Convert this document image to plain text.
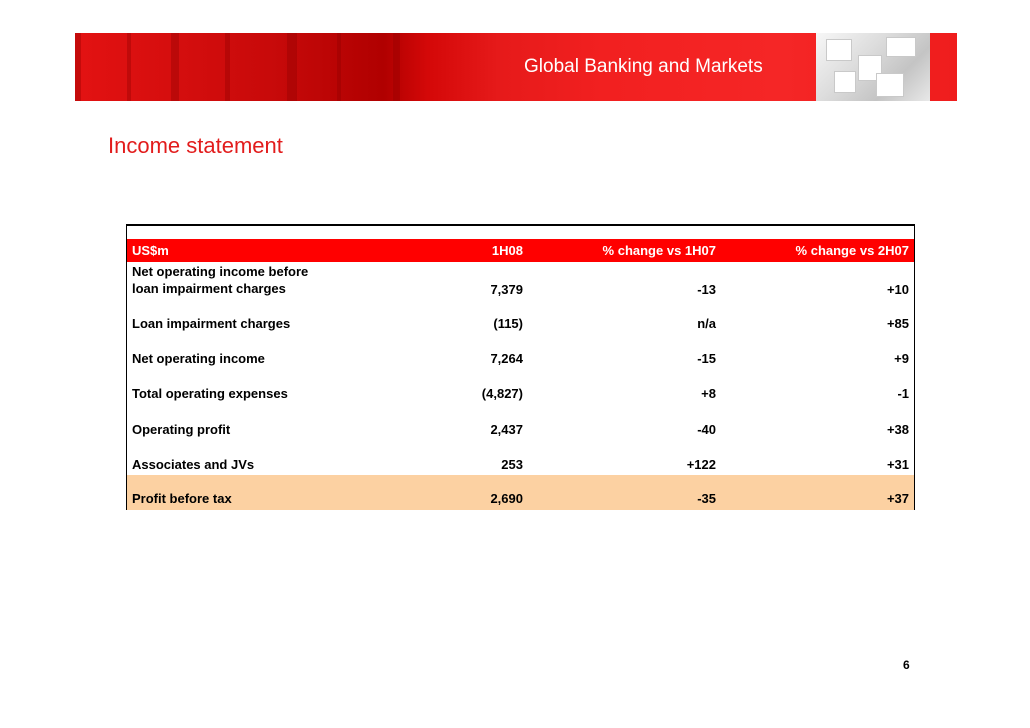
Global Banking and Markets
Income statement
US$m	1H08	% change vs 1H07	% change vs 2H07
Net operating income before
loan impairment charges	7,379	-13	+10
Loan impairment charges	(115)	n/a	+85
Net operating income	7,264	-15	+9
Total operating expenses	(4,827)	+8	-1
Operating profit	2,437	-40	+38
Associates and JVs	253	+122	+31
Profit before tax	2,690	-35	+37
6
